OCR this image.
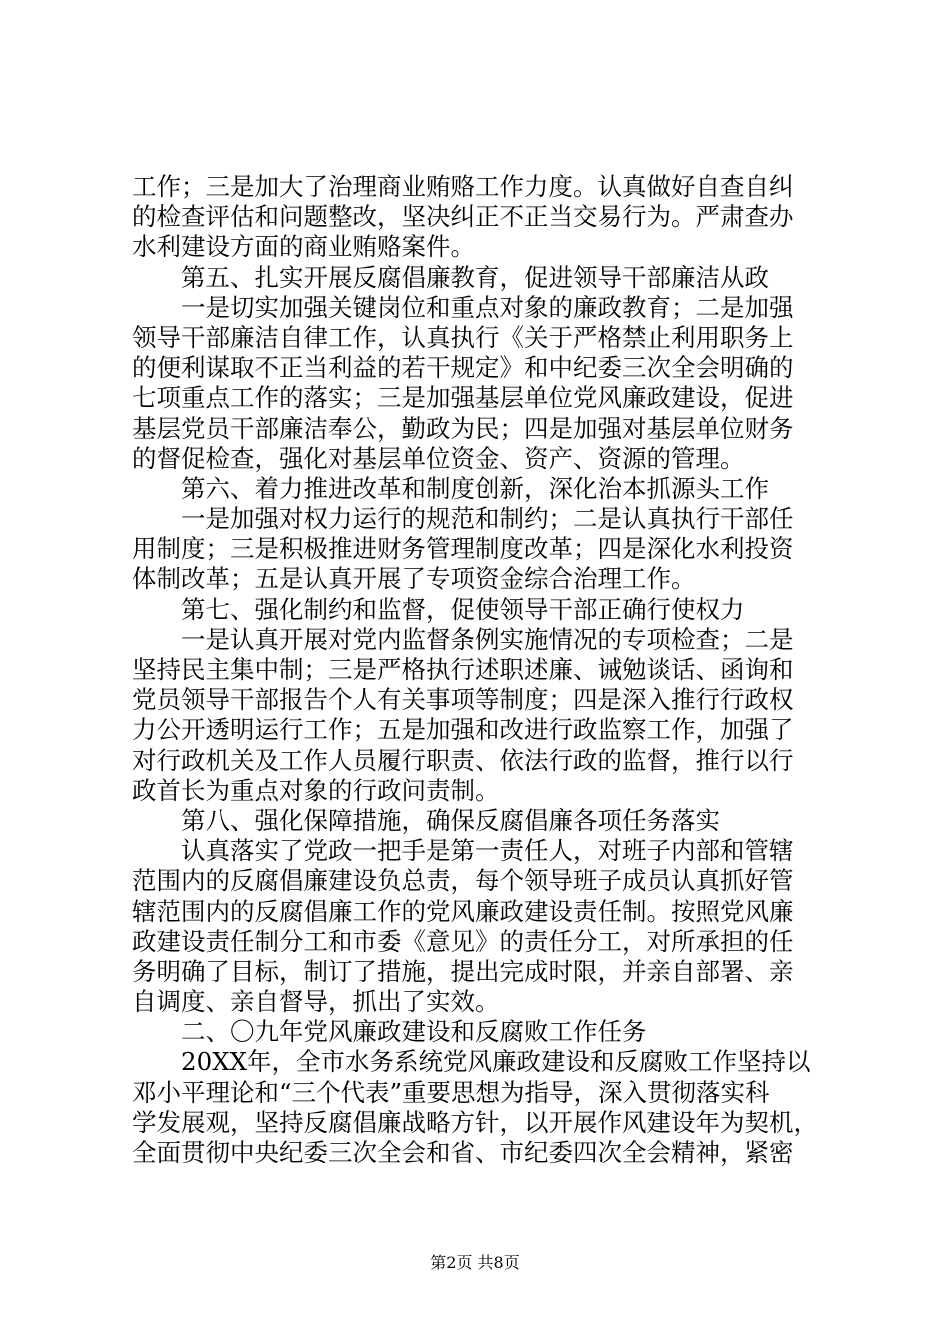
工作；三是加大了治理商业贿赂工作力度。认真做好自查自纠
的检查评估和问题整改，坚决纠正不正当交易行为。严肃查办
水利建设方面的商业贿赂案件。
　　第五、扎实开展反腐倡廉教育，促进领导干部廉洁从政
　　一是切实加强关键岗位和重点对象的廉政教育；二是加强
领导干部廉洁自律工作，认真执行《关于严格禁止利用职务上
的便利谋取不正当利益的若干规定》和中纪委三次全会明确的
七项重点工作的落实；三是加强基层单位党风廉政建设，促进
基层党员干部廉洁奉公，勤政为民；四是加强对基层单位财务
的督促检查，强化对基层单位资金、资产、资源的管理。
　　第六、着力推进改革和制度创新，深化治本抓源头工作
　　一是加强对权力运行的规范和制约；二是认真执行干部任
用制度；三是积极推进财务管理制度改革；四是深化水利投资
体制改革；五是认真开展了专项资金综合治理工作。
　　第七、强化制约和监督，促使领导干部正确行使权力
　　一是认真开展对党内监督条例实施情况的专项检查；二是
坚持民主集中制；三是严格执行述职述廉、诫勉谈话、函询和
党员领导干部报告个人有关事项等制度；四是深入推行行政权
力公开透明运行工作；五是加强和改进行政监察工作，加强了
对行政机关及工作人员履行职责、依法行政的监督，推行以行
政首长为重点对象的行政问责制。
　　第八、强化保障措施，确保反腐倡廉各项任务落实
　　认真落实了党政一把手是第一责任人，对班子内部和管辖
范围内的反腐倡廉建设负总责，每个领导班子成员认真抓好管
辖范围内的反腐倡廉工作的党风廉政建设责任制。按照党风廉
政建设责任制分工和市委《意见》的责任分工，对所承担的任
务明确了目标，制订了措施，提出完成时限，并亲自部署、亲
自调度、亲自督导，抓出了实效。
　　二、〇九年党风廉政建设和反腐败工作任务
　　20XX年，全市水务系统党风廉政建设和反腐败工作坚持以
邓小平理论和“三个代表”重要思想为指导，深入贯彻落实科
学发展观，坚持反腐倡廉战略方针，以开展作风建设年为契机，
全面贯彻中央纪委三次全会和省、市纪委四次全会精神，紧密
第2页 共8页
